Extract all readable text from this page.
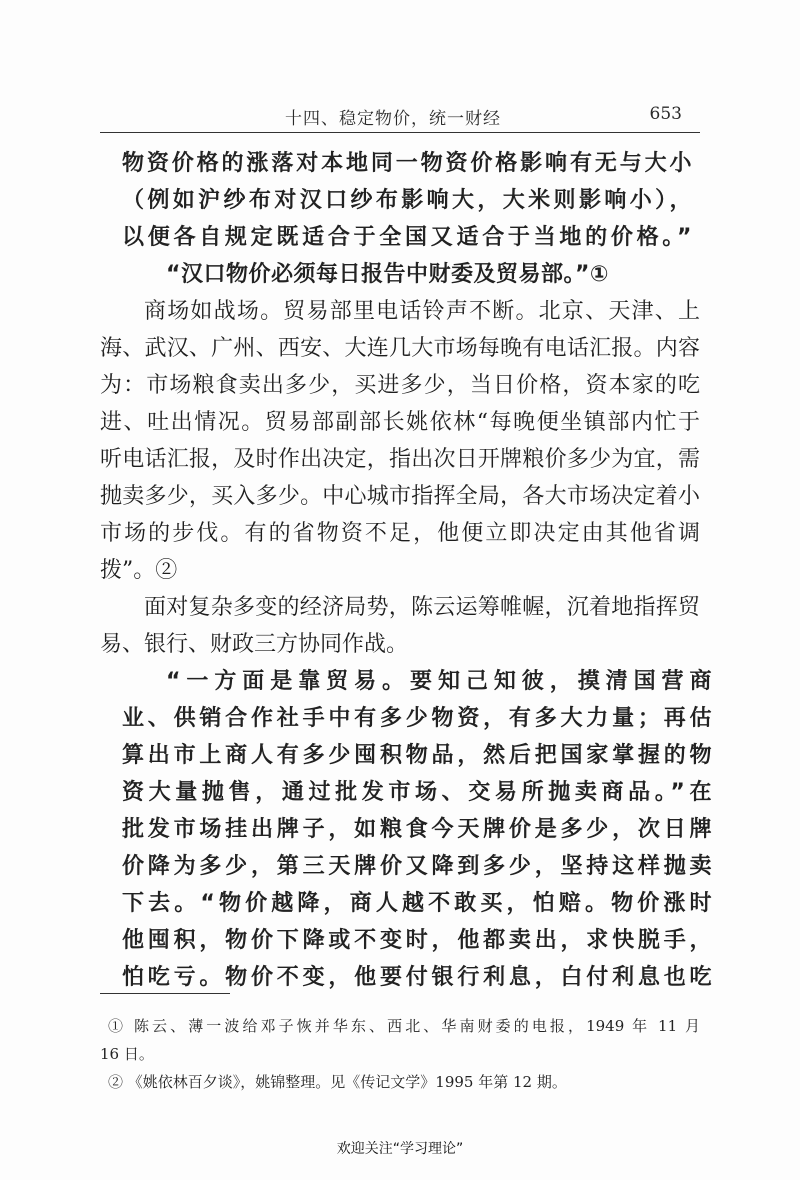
十四、稳定物价，统一财经	653
物资价格的涨落对本地同一物资价格影响有无与大小
（例如沪纱布对汉口纱布影响大，大米则影响小），
以便各自规定既适合于全国又适合于当地的价格。”
“汉口物价必须每日报告中财委及贸易部。”①
商场如战场。贸易部里电话铃声不断。北京、天津、上
海、武汉、广州、西安、大连几大市场每晚有电话汇报。内容
为：市场粮食卖出多少，买进多少，当日价格，资本家的吃
进、吐出情况。贸易部副部长姚依林“每晚便坐镇部内忙于
听电话汇报，及时作出决定，指出次日开牌粮价多少为宜，需
抛卖多少，买入多少。中心城市指挥全局，各大市场决定着小
市场的步伐。有的省物资不足，他便立即决定由其他省调
拨”。②
面对复杂多变的经济局势，陈云运筹帷幄，沉着地指挥贸
易、银行、财政三方协同作战。
“一方面是靠贸易。要知己知彼，摸清国营商
业、供销合作社手中有多少物资，有多大力量；再估
算出市上商人有多少囤积物品，然后把国家掌握的物
资大量抛售，通过批发市场、交易所抛卖商品。”在
批发市场挂出牌子，如粮食今天牌价是多少，次日牌
价降为多少，第三天牌价又降到多少，坚持这样抛卖
下去。“物价越降，商人越不敢买，怕赔。物价涨时
他囤积，物价下降或不变时，他都卖出，求快脱手，
怕吃亏。物价不变，他要付银行利息，白付利息也吃
① 陈云、薄一波给邓子恢并华东、西北、华南财委的电报，1949 年 11 月
16 日。
② 《姚依林百夕谈》，姚锦整理。见《传记文学》1995 年第 12 期。
欢迎关注“学习理论”
